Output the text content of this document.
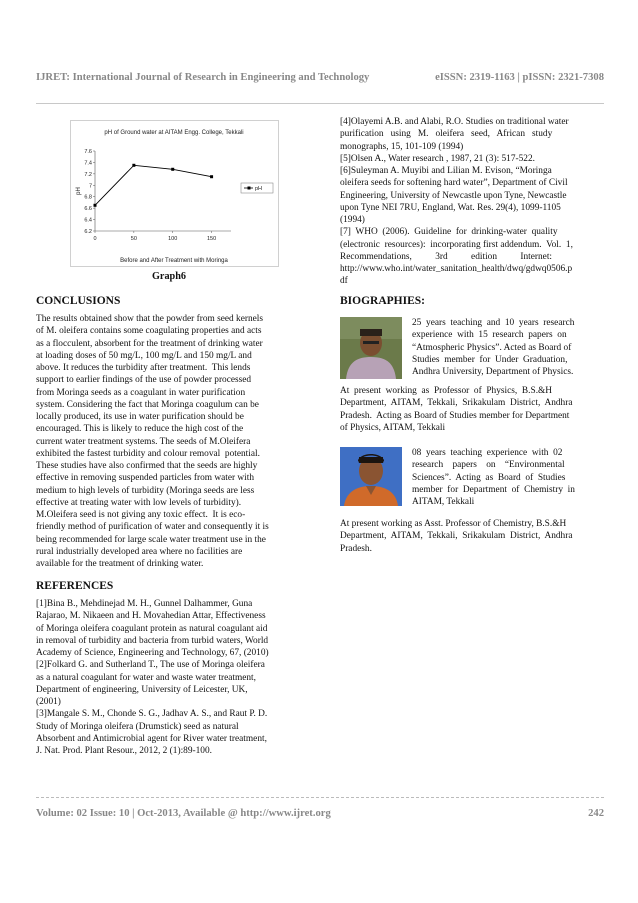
IJRET: International Journal of Research in Engineering and Technology	eISSN: 2319-1163 | pISSN: 2321-7308
pH of Ground water at AITAM Engg. College, Tekkali
pH
Before and After Treatment with Moringa
6.2
6.4
6.6
6.8
7
7.2
7.4
7.6
0	50	100	150
pH
Graph6
CONCLUSIONS

The results obtained show that the powder from seed kernels

of M. oleifera contains some coagulating properties and acts

as a flocculent, absorbent for the treatment of drinking water

at loading doses of 50 mg/L, 100 mg/L and 150 mg/L and

above. It reduces the turbidity after treatment.  This lends

support to earlier findings of the use of powder processed

from Moringa seeds as a coagulant in water purification

system. Considering the fact that Moringa coagulum can be

locally produced, its use in water purification should be

encouraged. This is likely to reduce the high cost of the

current water treatment systems. The seeds of M.Oleifera

exhibited the fastest turbidity and colour removal  potential.

These studies have also confirmed that the seeds are highly

effective in removing suspended particles from water with

medium to high levels of turbidity (Moringa seeds are less

effective at treating water with low levels of turbidity).

M.Oleifera seed is not giving any toxic effect.  It is eco-

friendly method of purification of water and consequently it is

being recommended for large scale water treatment use in the

rural industrially developed area where no facilities are

available for the treatment of drinking water.

REFERENCES

[1]Bina B., Mehdinejad M. H., Gunnel Dalhammer, Guna

Rajarao, M. Nikaeen and H. Movahedian Attar, Effectiveness

of Moringa oleifera coagulant protein as natural coagulant aid

in removal of turbidity and bacteria from turbid waters, World

Academy of Science, Engineering and Technology, 67, (2010)

[2]Folkard G. and Sutherland T., The use of Moringa oleifera

as a natural coagulant for water and waste water treatment,

Department of engineering, University of Leicester, UK,

(2001)

[3]Mangale S. M., Chonde S. G., Jadhav A. S., and Raut P. D.

Study of Moringa oleifera (Drumstick) seed as natural

Absorbent and Antimicrobial agent for River water treatment,

J. Nat. Prod. Plant Resour., 2012, 2 (1):89-100.

[4]Olayemi A.B. and Alabi, R.O. Studies on traditional water

purification   using   M.   oleifera   seed,   African   study

monographs, 15, 101-109 (1994)

[5]Olsen A., Water research , 1987, 21 (3): 517-522.

[6]Suleyman A. Muyibi and Lilian M. Evison, “Moringa

oleifera seeds for softening hard water”, Department of Civil

Engineering, University of Newcastle upon Tyne, Newcastle

upon Tyne NEI 7RU, England, Wat. Res. 29(4), 1099-1105

(1994)

[7]  WHO  (2006).  Guideline  for  drinking-water  quality

(electronic  resources):  incorporating first addendum.  Vol.  1,

Recommendations,          3rd          edition          Internet:

http://www.who.int/water_sanitation_health/dwq/gdwq0506.p

df

BIOGRAPHIES:

25  years  teaching  and  10  years  research

experience  with  15  research  papers  on

“Atmospheric Physics”. Acted as Board of

Studies  member  for  Under  Graduation,

Andhra University, Department of Physics.

At  present  working  as  Professor  of  Physics,  B.S.&H

Department,  AITAM,  Tekkali,  Srikakulam  District,  Andhra

Pradesh.  Acting as Board of Studies member for Department

of Physics, AITAM, Tekkali

08  years  teaching  experience  with  02

research    papers    on    “Environmental

Sciences”.  Acting  as  Board  of  Studies

member  for  Department  of  Chemistry  in

AITAM, Tekkali

At present working as Asst. Professor of Chemistry, B.S.&H

Department,  AITAM,  Tekkali,  Srikakulam  District,  Andhra

Pradesh.

Volume: 02 Issue: 10 | Oct-2013, Available @ http://www.ijret.org	242
